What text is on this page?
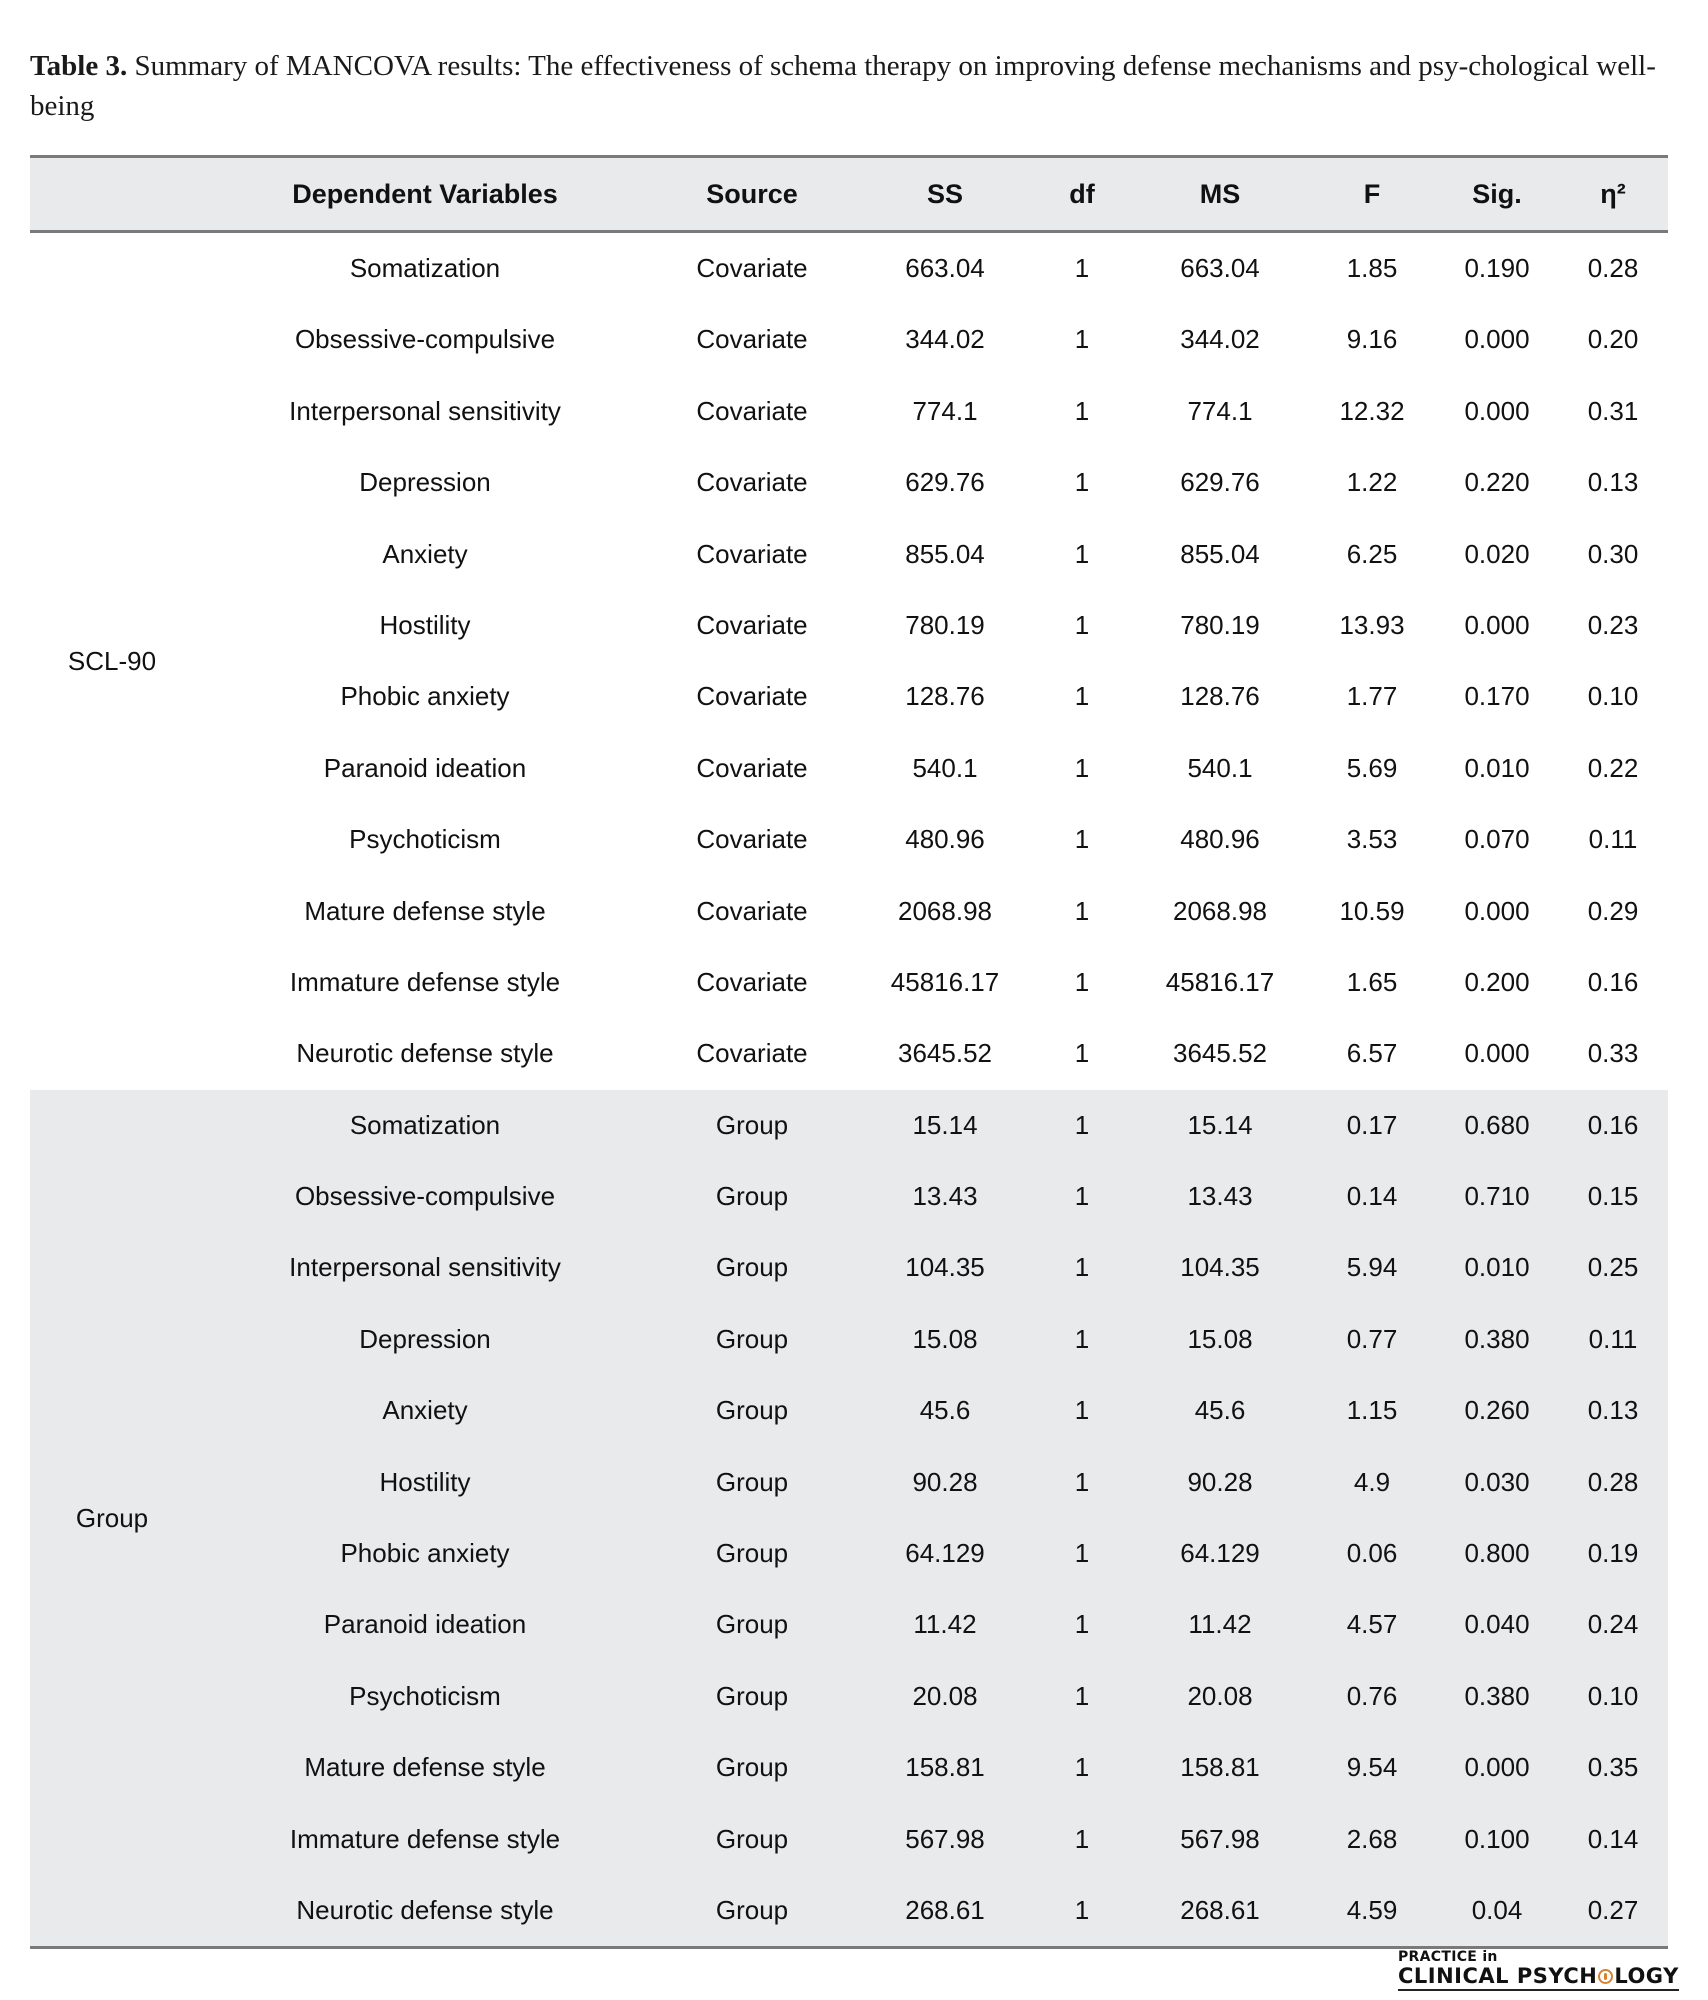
Table 3. Summary of MANCOVA results: The effectiveness of schema therapy on improving defense mechanisms and psy-chological well-being
Dependent Variables	Source	SS	df	MS	F	Sig.	η²
SCL-90
Somatization	Covariate	663.04	1	663.04	1.85	0.190 0.28
Obsessive-compulsive	Covariate	344.02	1	344.02	9.16	0.000 0.20
Interpersonal sensitivity	Covariate	774.1	1	774.1	12.32 0.000 0.31
Depression	Covariate	629.76	1	629.76	1.22	0.220 0.13
Anxiety	Covariate	855.04	1	855.04	6.25	0.020 0.30
Hostility	Covariate	780.19	1	780.19	13.93 0.000 0.23
Phobic anxiety	Covariate	128.76	1	128.76	1.77	0.170 0.10
Paranoid ideation	Covariate	540.1	1	540.1	5.69	0.010 0.22
Psychoticism	Covariate	480.96	1	480.96	3.53	0.070 0.11
Mature defense style	Covariate	2068.98	1	2068.98	10.59 0.000 0.29
Immature defense style	Covariate	45816.17	1	45816.17	1.65	0.200 0.16
Neurotic defense style	Covariate	3645.52	1	3645.52	6.57	0.000 0.33
Group
Somatization	Group	15.14	1	15.14	0.17	0.680 0.16
Obsessive-compulsive	Group	13.43	1	13.43	0.14	0.710 0.15
Interpersonal sensitivity	Group	104.35	1	104.35	5.94	0.010 0.25
Depression	Group	15.08	1	15.08	0.77	0.380 0.11
Anxiety	Group	45.6	1	45.6	1.15	0.260 0.13
Hostility	Group	90.28	1	90.28	4.9	0.030 0.28
Phobic anxiety	Group	64.129	1	64.129	0.06	0.800 0.19
Paranoid ideation	Group	11.42	1	11.42	4.57	0.040 0.24
Psychoticism	Group	20.08	1	20.08	0.76	0.380 0.10
Mature defense style	Group	158.81	1	158.81	9.54	0.000 0.35
Immature defense style	Group	567.98	1	567.98	2.68	0.100 0.14
Neurotic defense style	Group	268.61	1	268.61	4.59	0.04	0.27
PRACTICE in
CLINICAL PSYCH LOGY
